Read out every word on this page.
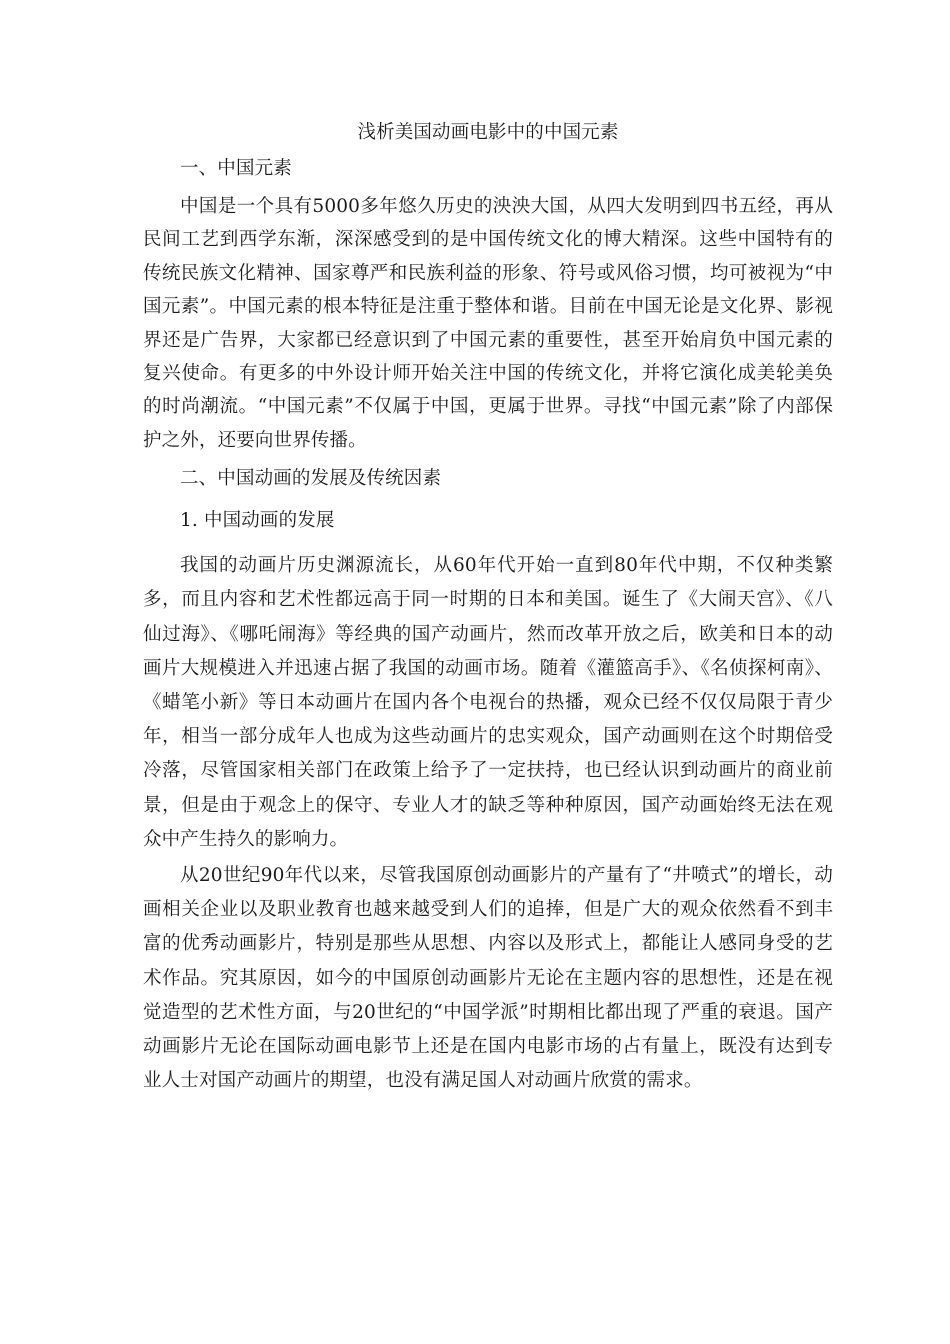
浅析美国动画电影中的中国元素

一、中国元素

中国是一个具有5000多年悠久历史的泱泱大国，从四大发明到四书五经，再从民间工艺到西学东渐，深深感受到的是中国传统文化的博大精深。这些中国特有的传统民族文化精神、国家尊严和民族利益的形象、符号或风俗习惯，均可被视为“中国元素”。中国元素的根本特征是注重于整体和谐。目前在中国无论是文化界、影视界还是广告界，大家都已经意识到了中国元素的重要性，甚至开始肩负中国元素的复兴使命。有更多的中外设计师开始关注中国的传统文化，并将它演化成美轮美奂的时尚潮流。“中国元素”不仅属于中国，更属于世界。寻找“中国元素”除了内部保护之外，还要向世界传播。

二、中国动画的发展及传统因素

1. 中国动画的发展

我国的动画片历史渊源流长，从60年代开始一直到80年代中期，不仅种类繁多，而且内容和艺术性都远高于同一时期的日本和美国。诞生了《大闹天宫》、《八仙过海》、《哪吒闹海》等经典的国产动画片，然而改革开放之后，欧美和日本的动画片大规模进入并迅速占据了我国的动画市场。随着《灌篮高手》、《名侦探柯南》、《蜡笔小新》等日本动画片在国内各个电视台的热播，观众已经不仅仅局限于青少年，相当一部分成年人也成为这些动画片的忠实观众，国产动画则在这个时期倍受冷落，尽管国家相关部门在政策上给予了一定扶持，也已经认识到动画片的商业前景，但是由于观念上的保守、专业人才的缺乏等种种原因，国产动画始终无法在观众中产生持久的影响力。

从20世纪90年代以来，尽管我国原创动画影片的产量有了“井喷式”的增长，动画相关企业以及职业教育也越来越受到人们的追捧，但是广大的观众依然看不到丰富的优秀动画影片，特别是那些从思想、内容以及形式上，都能让人感同身受的艺术作品。究其原因，如今的中国原创动画影片无论在主题内容的思想性，还是在视觉造型的艺术性方面，与20世纪的“中国学派”时期相比都出现了严重的衰退。国产动画影片无论在国际动画电影节上还是在国内电影市场的占有量上，既没有达到专业人士对国产动画片的期望，也没有满足国人对动画片欣赏的需求。
